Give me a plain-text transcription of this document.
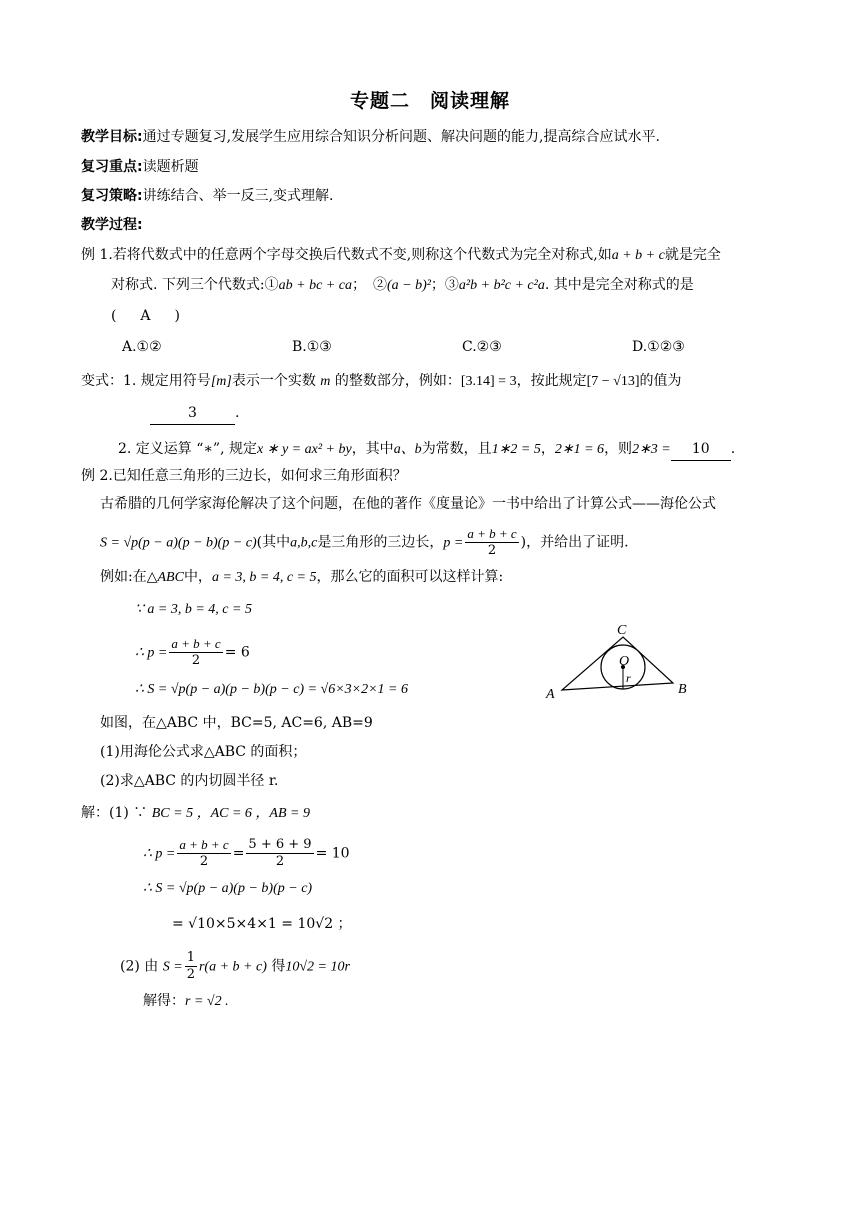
专题二　阅读理解
教学目标:通过专题复习,发展学生应用综合知识分析问题、解决问题的能力,提高综合应试水平.
复习重点:读题析题
复习策略:讲练结合、举一反三,变式理解.
教学过程:
例 1.若将代数式中的任意两个字母交换后代数式不变,则称这个代数式为完全对称式,如a + b + c就是完全
对称式. 下列三个代数式:①ab + bc + ca；　②(a − b)²；③a²b + b²c + c²a. 其中是完全对称式的是
( A )
A.①②	B.①③	C.②③	D.①②③
变式：1. 规定用符号[m]表示一个实数 m 的整数部分，例如：[3.14] = 3，按此规定[7 − √13]的值为
3	.
2. 定义运算 “∗”, 规定x ∗ y = ax² + by，其中a、b为常数，且1∗2 = 5，2∗1 = 6，则2∗3 = 10 .
例 2.已知任意三角形的三边长，如何求三角形面积？
古希腊的几何学家海伦解决了这个问题，在他的著作《度量论》一书中给出了计算公式——海伦公式
S = √p(p − a)(p − b)(p − c)(其中a,b,c是三角形的三边长，$p = \frac{a + b + c}{2}$ )，并给出了证明.
例如:在△ABC中，a = 3, b = 4, c = 5，那么它的面积可以这样计算:
∵ a = 3, b = 4, c = 5
∴ $p = \frac{a + b + c}{2} = 6$
∴ S = √p(p − a)(p − b)(p − c) = √6×3×2×1 = 6
如图，在△ABC 中，BC=5, AC=6, AB=9
(1)用海伦公式求△ABC 的面积；
(2)求△ABC 的内切圆半径 r.
A	B
C
O
r
解：(1) ∵ BC = 5 ，AC = 6 ，AB = 9
∴ $p = \frac{a + b + c}{2} = \frac{5 + 6 + 9}{2} = 10$
∴ S = √p(p − a)(p − b)(p − c)
= √10×5×4×1 = 10√2 ；
(2) 由 $S = \frac{1}{2} r(a + b + c)$ 得10√2 = 10r
解得：r = √2 .
